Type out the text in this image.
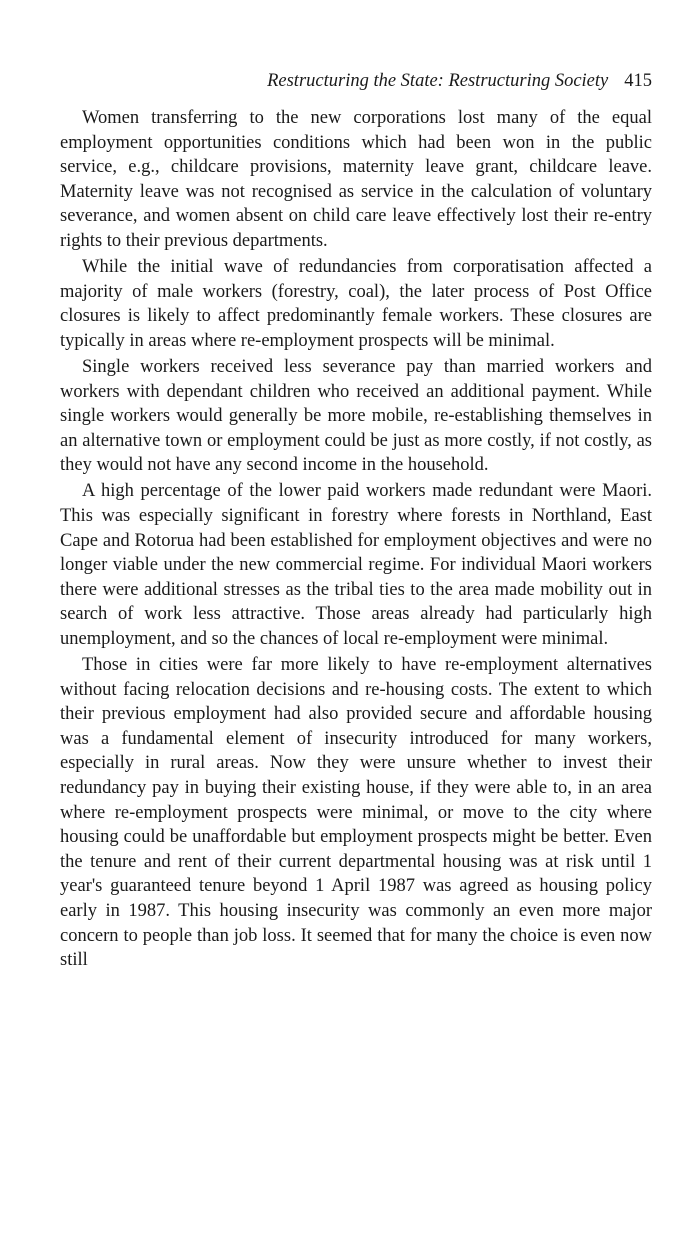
Restructuring the State: Restructuring Society 415

Women transferring to the new corporations lost many of the equal employment opportunities conditions which had been won in the public service, e.g., childcare provisions, maternity leave grant, childcare leave. Maternity leave was not recognised as service in the calculation of voluntary severance, and women absent on child care leave effectively lost their re-entry rights to their previous departments.

While the initial wave of redundancies from corporatisation affected a majority of male workers (forestry, coal), the later process of Post Office closures is likely to affect predominantly female workers. These closures are typically in areas where re-employment prospects will be minimal.

Single workers received less severance pay than married workers and workers with dependant children who received an additional payment. While single workers would generally be more mobile, re-establishing themselves in an alternative town or employment could be just as more costly, if not costly, as they would not have any second income in the household.

A high percentage of the lower paid workers made redundant were Maori. This was especially significant in forestry where forests in Northland, East Cape and Rotorua had been established for employment objectives and were no longer viable under the new commercial regime. For individual Maori workers there were additional stresses as the tribal ties to the area made mobility out in search of work less attractive. Those areas already had particularly high unemployment, and so the chances of local re-employment were minimal.

Those in cities were far more likely to have re-employment alternatives without facing relocation decisions and re-housing costs. The extent to which their previous employment had also provided secure and affordable housing was a fundamental element of insecurity introduced for many workers, especially in rural areas. Now they were unsure whether to invest their redundancy pay in buying their existing house, if they were able to, in an area where re-employment prospects were minimal, or move to the city where housing could be unaffordable but employment prospects might be better. Even the tenure and rent of their current departmental housing was at risk until 1 year's guaranteed tenure beyond 1 April 1987 was agreed as housing policy early in 1987. This housing insecurity was commonly an even more major concern to people than job loss. It seemed that for many the choice is even now still
